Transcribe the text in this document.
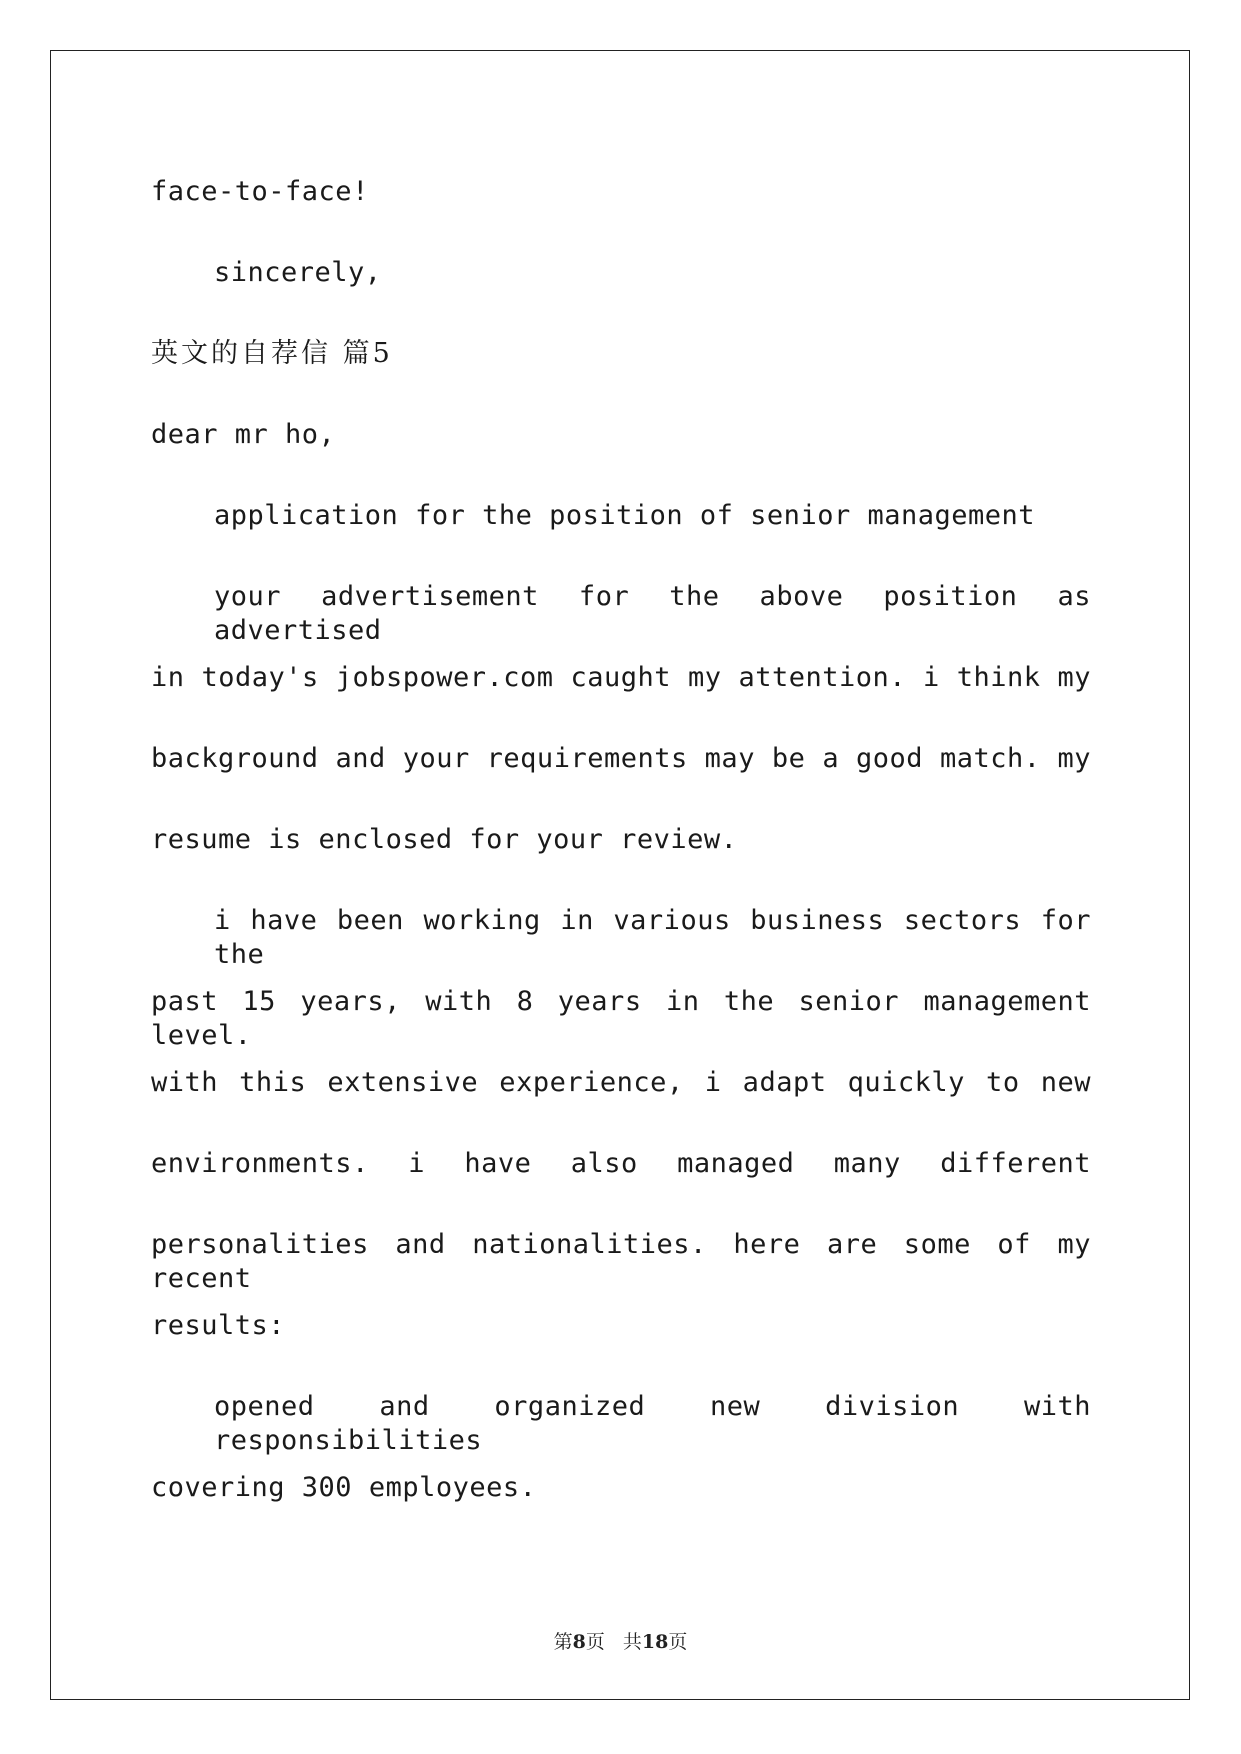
face-to-face!
sincerely,
英文的自荐信 篇5
dear mr ho,
application for the position of senior management
your advertisement for the above position as advertised
in today's jobspower.com caught my attention. i think my
background and your requirements may be a good match. my
resume is enclosed for your review.
i have been working in various business sectors for the
past 15 years, with 8 years in the senior management level.
with this extensive experience, i adapt quickly to new
environments. i have also managed many different
personalities and nationalities. here are some of my recent
results:
opened and organized new division with responsibilities
covering 300 employees.
第8页 共18页
